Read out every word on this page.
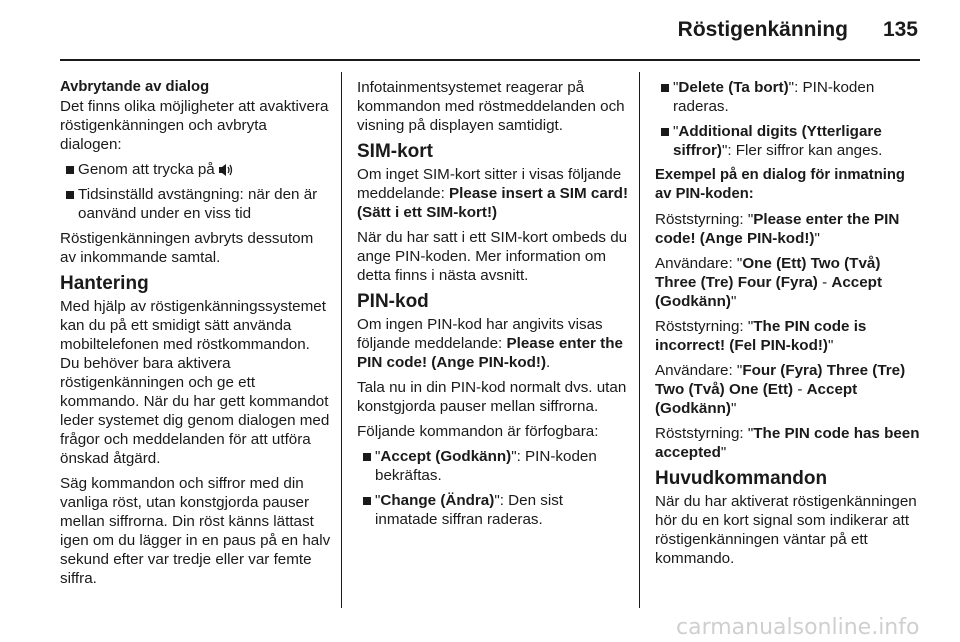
Röstigenkänning 135
Avbrytande av dialog

Det finns olika möjligheter att avaktivera röstigenkänningen och avbryta dialogen:

Genom att trycka på
Tidsinställd avstängning: när den är oanvänd under en viss tid

Röstigenkänningen avbryts dessutom av inkommande samtal.

Hantering

Med hjälp av röstigenkänningssystemet kan du på ett smidigt sätt använda mobiltelefonen med röstkommandon. Du behöver bara aktivera röstigenkänningen och ge ett kommando. När du har gett kommandot leder systemet dig genom dialogen med frågor och meddelanden för att utföra önskad åtgärd.

Säg kommandon och siffror med din vanliga röst, utan konstgjorda pauser mellan siffrorna. Din röst känns lättast igen om du lägger in en paus på en halv sekund efter var tredje eller var femte siffra.

Infotainmentsystemet reagerar på kommandon med röstmeddelanden och visning på displayen samtidigt.

SIM-kort

Om inget SIM-kort sitter i visas följande meddelande: Please insert a SIM card! (Sätt i ett SIM-kort!)

När du har satt i ett SIM-kort ombeds du ange PIN-koden. Mer information om detta finns i nästa avsnitt.

PIN-kod

Om ingen PIN-kod har angivits visas följande meddelande: Please enter the PIN code! (Ange PIN-kod!).

Tala nu in din PIN-kod normalt dvs. utan konstgjorda pauser mellan siffrorna.

Följande kommandon är förfogbara:

"Accept (Godkänn)": PIN-koden bekräftas.
"Change (Ändra)": Den sist inmatade siffran raderas.
"Delete (Ta bort)": PIN-koden raderas.
"Additional digits (Ytterligare siffror)": Fler siffror kan anges.
Exempel på en dialog för inmatning av PIN-koden:

Röststyrning: "Please enter the PIN code! (Ange PIN-kod!)"

Användare: "One (Ett) Two (Två) Three (Tre) Four (Fyra) - Accept (Godkänn)"

Röststyrning: "The PIN code is incorrect! (Fel PIN-kod!)"

Användare: "Four (Fyra) Three (Tre) Two (Två) One (Ett) - Accept (Godkänn)"

Röststyrning: "The PIN code has been accepted"

Huvudkommandon

När du har aktiverat röstigenkänningen hör du en kort signal som indikerar att röstigenkänningen väntar på ett kommando.

carmanualsonline.info
